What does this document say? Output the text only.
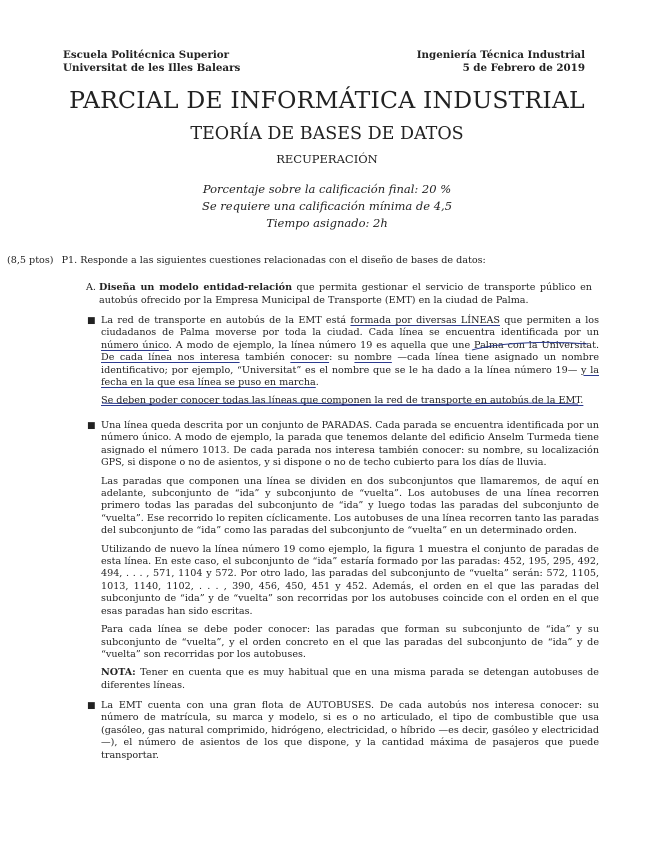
Escuela Politécnica Superior
Universitat de les Illes Balears
Ingeniería Técnica Industrial
5 de Febrero de 2019
PARCIAL DE INFORMÁTICA INDUSTRIAL
TEORÍA DE BASES DE DATOS
RECUPERACIÓN
Porcentaje sobre la calificación final: 20 %
Se requiere una calificación mínima de 4,5
Tiempo asignado: 2h
(8,5 ptos) P1. Responde a las siguientes cuestiones relacionadas con el diseño de bases de datos:
A. Diseña un modelo entidad-relación que permita gestionar el servicio de transporte público en autobús ofrecido por la Empresa Municipal de Transporte (EMT) en la ciudad de Palma.
■ La red de transporte en autobús de la EMT está formada por diversas LÍNEAS que permiten a los ciudadanos de Palma moverse por toda la ciudad. Cada línea se encuentra identificada por un número único. A modo de ejemplo, la línea número 19 es aquella que une Palma con la Universitat. De cada línea nos interesa también conocer: su nombre —cada línea tiene asignado un nombre identificativo; por ejemplo, “Universitat” es el nombre que se le ha dado a la línea número 19— y la fecha en la que esa línea se puso en marcha.

Se deben poder conocer todas las líneas que componen la red de transporte en autobús de la EMT.

■ Una línea queda descrita por un conjunto de PARADAS. Cada parada se encuentra identificada por un número único. A modo de ejemplo, la parada que tenemos delante del edificio Anselm Turmeda tiene asignado el número 1013. De cada parada nos interesa también conocer: su nombre, su localización GPS, si dispone o no de asientos, y si dispone o no de techo cubierto para los días de lluvia.

Las paradas que componen una línea se dividen en dos subconjuntos que llamaremos, de aquí en adelante, subconjunto de “ida” y subconjunto de “vuelta”. Los autobuses de una línea recorren primero todas las paradas del subconjunto de “ida” y luego todas las paradas del subconjunto de “vuelta”. Ese recorrido lo repiten cíclicamente. Los autobuses de una línea recorren tanto las paradas del subconjunto de “ida” como las paradas del subconjunto de “vuelta” en un determinado orden.

Utilizando de nuevo la línea número 19 como ejemplo, la figura 1 muestra el conjunto de paradas de esta línea. En este caso, el subconjunto de “ida” estaría formado por las paradas: 452, 195, 295, 492, 494, . . . , 571, 1104 y 572. Por otro lado, las paradas del subconjunto de “vuelta” serán: 572, 1105, 1013, 1140, 1102, . . . , 390, 456, 450, 451 y 452. Además, el orden en el que las paradas del subconjunto de “ida” y de “vuelta” son recorridas por los autobuses coincide con el orden en el que esas paradas han sido escritas.

Para cada línea se debe poder conocer: las paradas que forman su subconjunto de “ida” y su subconjunto de “vuelta”, y el orden concreto en el que las paradas del subconjunto de “ida” y de “vuelta” son recorridas por los autobuses.

NOTA: Tener en cuenta que es muy habitual que en una misma parada se detengan autobuses de diferentes líneas.

■ La EMT cuenta con una gran flota de AUTOBUSES. De cada autobús nos interesa conocer: su número de matrícula, su marca y modelo, si es o no articulado, el tipo de combustible que usa (gasóleo, gas natural comprimido, hidrógeno, electricidad, o híbrido —es decir, gasóleo y electricidad—), el número de asientos de los que dispone, y la cantidad máxima de pasajeros que puede transportar.
